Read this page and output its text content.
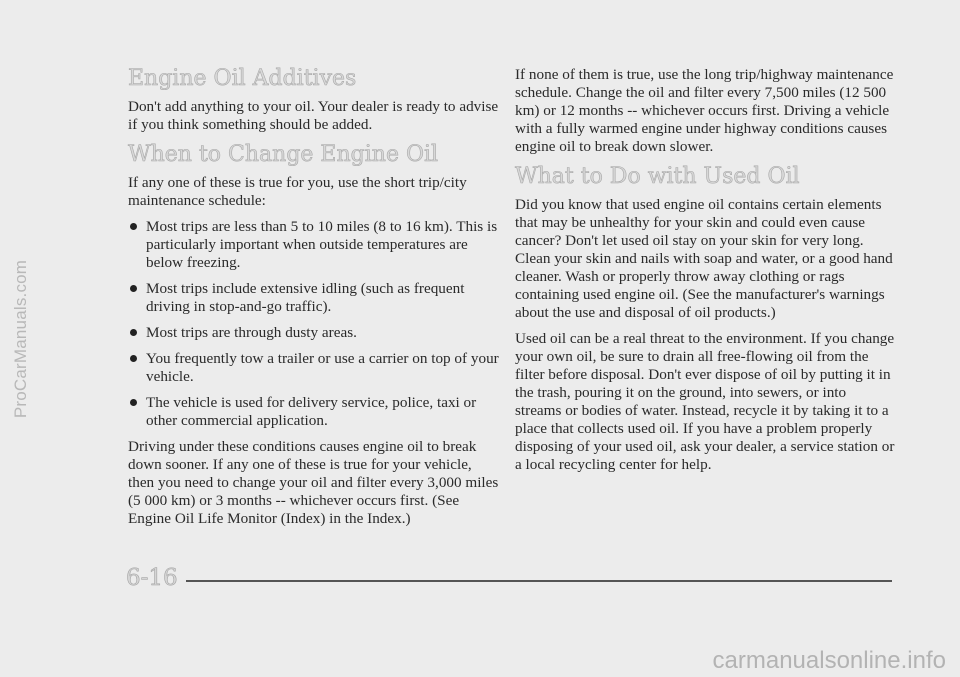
ProCarManuals.com
Engine Oil Additives

Don't add anything to your oil. Your dealer is ready to advise if you think something should be added.

When to Change Engine Oil

If any one of these is true for you, use the short trip/city maintenance schedule:

Most trips are less than 5 to 10 miles (8 to 16 km). This is particularly important when outside temperatures are below freezing.
Most trips include extensive idling (such as frequent driving in stop-and-go traffic).
Most trips are through dusty areas.
You frequently tow a trailer or use a carrier on top of your vehicle.
The vehicle is used for delivery service, police, taxi or other commercial application.

Driving under these conditions causes engine oil to break down sooner. If any one of these is true for your vehicle, then you need to change your oil and filter every 3,000 miles (5 000 km) or 3 months -- whichever occurs first. (See Engine Oil Life Monitor (Index) in the Index.)

If none of them is true, use the long trip/highway maintenance schedule. Change the oil and filter every 7,500 miles (12 500 km) or 12 months -- whichever occurs first. Driving a vehicle with a fully warmed engine under highway conditions causes engine oil to break down slower.

What to Do with Used Oil

Did you know that used engine oil contains certain elements that may be unhealthy for your skin and could even cause cancer? Don't let used oil stay on your skin for very long. Clean your skin and nails with soap and water, or a good hand cleaner. Wash or properly throw away clothing or rags containing used engine oil. (See the manufacturer's warnings about the use and disposal of oil products.)

Used oil can be a real threat to the environment. If you change your own oil, be sure to drain all free-flowing oil from the filter before disposal. Don't ever dispose of oil by putting it in the trash, pouring it on the ground, into sewers, or into streams or bodies of water. Instead, recycle it by taking it to a place that collects used oil. If you have a problem properly disposing of your used oil, ask your dealer, a service station or a local recycling center for help.

6-16
carmanualsonline.info
